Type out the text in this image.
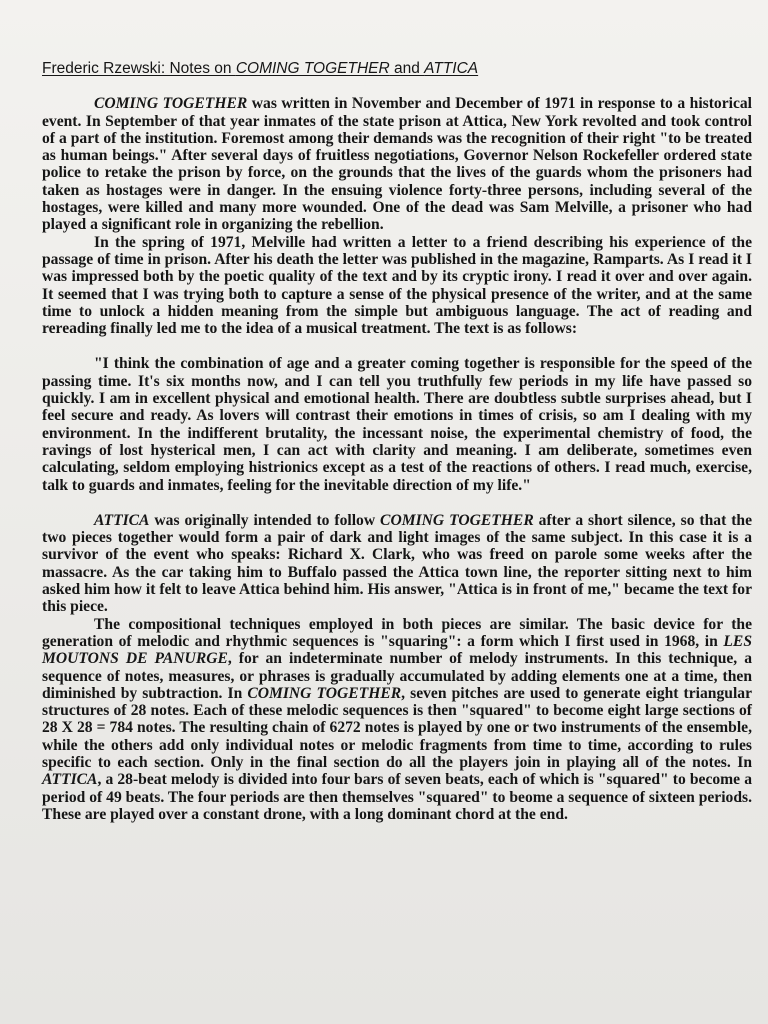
Frederic Rzewski: Notes on COMING TOGETHER and ATTICA

COMING TOGETHER was written in November and December of 1971 in response to a historical event. In September of that year inmates of the state prison at Attica, New York revolted and took control of a part of the institution. Foremost among their demands was the recognition of their right "to be treated as human beings." After several days of fruitless negotiations, Governor Nelson Rockefeller ordered state police to retake the prison by force, on the grounds that the lives of the guards whom the prisoners had taken as hostages were in danger. In the ensuing violence forty-three persons, including several of the hostages, were killed and many more wounded. One of the dead was Sam Melville, a prisoner who had played a significant role in organizing the rebellion.

In the spring of 1971, Melville had written a letter to a friend describing his experience of the passage of time in prison. After his death the letter was published in the magazine, Ramparts. As I read it I was impressed both by the poetic quality of the text and by its cryptic irony. I read it over and over again. It seemed that I was trying both to capture a sense of the physical presence of the writer, and at the same time to unlock a hidden meaning from the simple but ambiguous language. The act of reading and rereading finally led me to the idea of a musical treatment. The text is as follows:

"I think the combination of age and a greater coming together is responsible for the speed of the passing time. It's six months now, and I can tell you truthfully few periods in my life have passed so quickly. I am in excellent physical and emotional health. There are doubtless subtle surprises ahead, but I feel secure and ready. As lovers will contrast their emotions in times of crisis, so am I dealing with my environment. In the indifferent brutality, the incessant noise, the experimental chemistry of food, the ravings of lost hysterical men, I can act with clarity and meaning. I am deliberate, sometimes even calculating, seldom employing histrionics except as a test of the reactions of others. I read much, exercise, talk to guards and inmates, feeling for the inevitable direction of my life."

ATTICA was originally intended to follow COMING TOGETHER after a short silence, so that the two pieces together would form a pair of dark and light images of the same subject. In this case it is a survivor of the event who speaks: Richard X. Clark, who was freed on parole some weeks after the massacre. As the car taking him to Buffalo passed the Attica town line, the reporter sitting next to him asked him how it felt to leave Attica behind him. His answer, "Attica is in front of me," became the text for this piece.

The compositional techniques employed in both pieces are similar. The basic device for the generation of melodic and rhythmic sequences is "squaring": a form which I first used in 1968, in LES MOUTONS DE PANURGE, for an indeterminate number of melody instruments. In this technique, a sequence of notes, measures, or phrases is gradually accumulated by adding elements one at a time, then diminished by subtraction. In COMING TOGETHER, seven pitches are used to generate eight triangular structures of 28 notes. Each of these melodic sequences is then "squared" to become eight large sections of 28 X 28 = 784 notes. The resulting chain of 6272 notes is played by one or two instruments of the ensemble, while the others add only individual notes or melodic fragments from time to time, according to rules specific to each section. Only in the final section do all the players join in playing all of the notes. In ATTICA, a 28-beat melody is divided into four bars of seven beats, each of which is "squared" to become a period of 49 beats. The four periods are then themselves "squared" to beome a sequence of sixteen periods. These are played over a constant drone, with a long dominant chord at the end.
